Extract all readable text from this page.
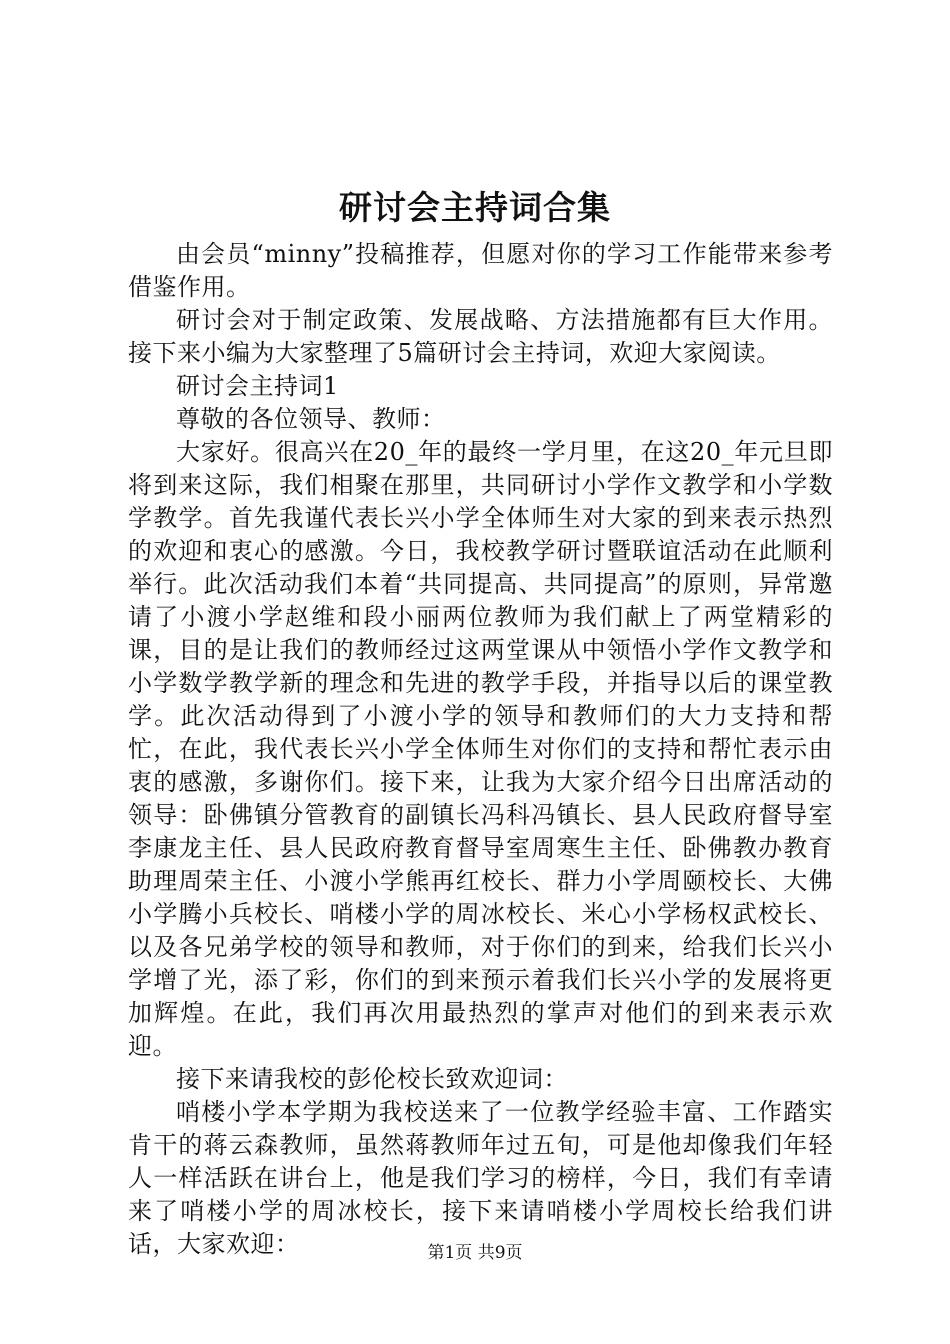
研讨会主持词合集

由会员“minny”投稿推荐，但愿对你的学习工作能带来参考借鉴作用。

研讨会对于制定政策、发展战略、方法措施都有巨大作用。接下来小编为大家整理了5篇研讨会主持词，欢迎大家阅读。

研讨会主持词1

尊敬的各位领导、教师：

大家好。很高兴在20_年的最终一学月里，在这20_年元旦即将到来这际，我们相聚在那里，共同研讨小学作文教学和小学数学教学。首先我谨代表长兴小学全体师生对大家的到来表示热烈的欢迎和衷心的感激。今日，我校教学研讨暨联谊活动在此顺利举行。此次活动我们本着“共同提高、共同提高”的原则，异常邀请了小渡小学赵维和段小丽两位教师为我们献上了两堂精彩的课，目的是让我们的教师经过这两堂课从中领悟小学作文教学和小学数学教学新的理念和先进的教学手段，并指导以后的课堂教学。此次活动得到了小渡小学的领导和教师们的大力支持和帮忙，在此，我代表长兴小学全体师生对你们的支持和帮忙表示由衷的感激，多谢你们。接下来，让我为大家介绍今日出席活动的领导：卧佛镇分管教育的副镇长冯科冯镇长、县人民政府督导室李康龙主任、县人民政府教育督导室周寒生主任、卧佛教办教育助理周荣主任、小渡小学熊再红校长、群力小学周颐校长、大佛小学腾小兵校长、哨楼小学的周冰校长、米心小学杨权武校长、以及各兄弟学校的领导和教师，对于你们的到来，给我们长兴小学增了光，添了彩，你们的到来预示着我们长兴小学的发展将更加辉煌。在此，我们再次用最热烈的掌声对他们的到来表示欢迎。

接下来请我校的彭伦校长致欢迎词：

哨楼小学本学期为我校送来了一位教学经验丰富、工作踏实肯干的蒋云森教师，虽然蒋教师年过五旬，可是他却像我们年轻人一样活跃在讲台上，他是我们学习的榜样，今日，我们有幸请来了哨楼小学的周冰校长，接下来请哨楼小学周校长给我们讲话，大家欢迎：	第1页 共9页
